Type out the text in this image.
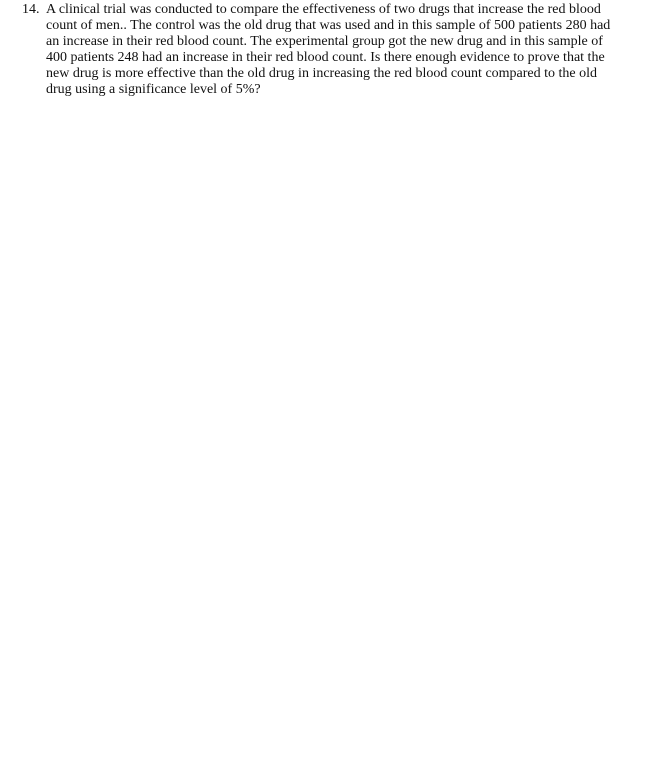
14. A clinical trial was conducted to compare the effectiveness of two drugs that increase the red blood count of men.. The control was the old drug that was used and in this sample of 500 patients 280 had an increase in their red blood count. The experimental group got the new drug and in this sample of 400 patients 248 had an increase in their red blood count. Is there enough evidence to prove that the new drug is more effective than the old drug in increasing the red blood count compared to the old drug using a significance level of 5%?
